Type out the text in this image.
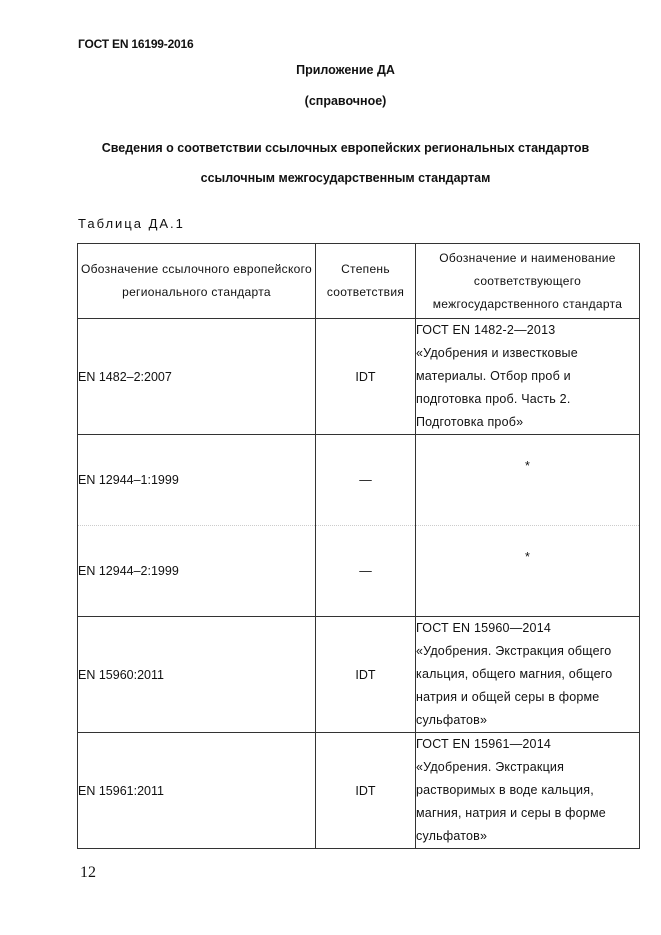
ГОСТ EN 16199-2016
Приложение ДА
(справочное)
Сведения о соответствии ссылочных европейских региональных стандартов
ссылочным межгосударственным стандартам
Таблица ДА.1
Обозначение ссылочного европейского регионального стандарта	Степень соответствия	Обозначение и наименование соответствующего межгосударственного стандарта
EN 1482–2:2007	IDT	ГОСТ EN 1482-2—2013
«Удобрения и известковые
материалы. Отбор проб и
подготовка проб. Часть 2.
Подготовка проб»

EN 12944–1:1999	—	*
EN 12944–2:1999	—	*
EN 15960:2011	IDT	ГОСТ EN 15960—2014
«Удобрения. Экстракция общего
кальция, общего магния, общего
натрия и общей серы в форме
сульфатов»

EN 15961:2011	IDT	ГОСТ EN 15961—2014
«Удобрения. Экстракция
растворимых в воде кальция,
магния, натрия и серы в форме
сульфатов»
12
